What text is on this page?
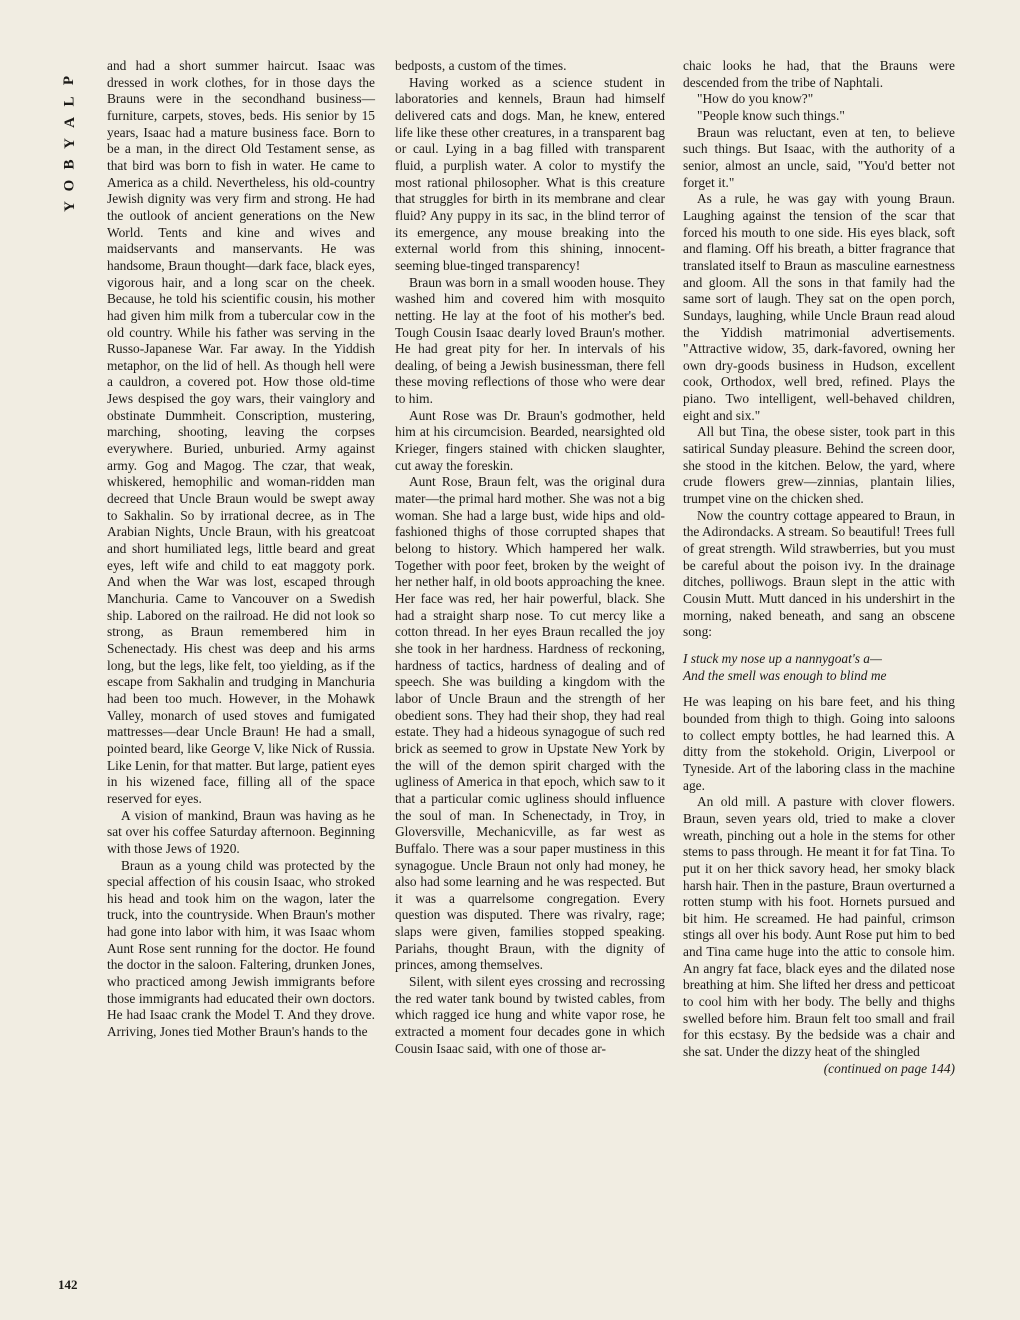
P
L
A
Y
B
O
Y
142

and had a short summer haircut. Isaac was dressed in work clothes, for in those days the Brauns were in the secondhand business—furniture, carpets, stoves, beds. His senior by 15 years, Isaac had a mature business face. Born to be a man, in the direct Old Testament sense, as that bird was born to fish in water. He came to America as a child. Nevertheless, his old-country Jewish dignity was very firm and strong. He had the outlook of ancient generations on the New World. Tents and kine and wives and maidservants and manservants. He was handsome, Braun thought—dark face, black eyes, vigorous hair, and a long scar on the cheek. Because, he told his scientific cousin, his mother had given him milk from a tubercular cow in the old country. While his father was serving in the Russo-Japanese War. Far away. In the Yiddish metaphor, on the lid of hell. As though hell were a cauldron, a covered pot. How those old-time Jews despised the goy wars, their vainglory and obstinate Dummheit. Conscription, mustering, marching, shooting, leaving the corpses everywhere. Buried, unburied. Army against army. Gog and Magog. The czar, that weak, whiskered, hemophilic and woman-ridden man decreed that Uncle Braun would be swept away to Sakhalin. So by irrational decree, as in The Arabian Nights, Uncle Braun, with his greatcoat and short humiliated legs, little beard and great eyes, left wife and child to eat maggoty pork. And when the War was lost, escaped through Manchuria. Came to Vancouver on a Swedish ship. Labored on the railroad. He did not look so strong, as Braun remembered him in Schenectady. His chest was deep and his arms long, but the legs, like felt, too yielding, as if the escape from Sakhalin and trudging in Manchuria had been too much. However, in the Mohawk Valley, monarch of used stoves and fumigated mattresses—dear Uncle Braun! He had a small, pointed beard, like George V, like Nick of Russia. Like Lenin, for that matter. But large, patient eyes in his wizened face, filling all of the space reserved for eyes.

A vision of mankind, Braun was having as he sat over his coffee Saturday afternoon. Beginning with those Jews of 1920.

Braun as a young child was protected by the special affection of his cousin Isaac, who stroked his head and took him on the wagon, later the truck, into the countryside. When Braun's mother had gone into labor with him, it was Isaac whom Aunt Rose sent running for the doctor. He found the doctor in the saloon. Faltering, drunken Jones, who practiced among Jewish immigrants before those immigrants had educated their own doctors. He had Isaac crank the Model T. And they drove. Arriving, Jones tied Mother Braun's hands to the

bedposts, a custom of the times.

Having worked as a science student in laboratories and kennels, Braun had himself delivered cats and dogs. Man, he knew, entered life like these other creatures, in a transparent bag or caul. Lying in a bag filled with transparent fluid, a purplish water. A color to mystify the most rational philosopher. What is this creature that struggles for birth in its membrane and clear fluid? Any puppy in its sac, in the blind terror of its emergence, any mouse breaking into the external world from this shining, innocent-seeming blue-tinged transparency!

Braun was born in a small wooden house. They washed him and covered him with mosquito netting. He lay at the foot of his mother's bed. Tough Cousin Isaac dearly loved Braun's mother. He had great pity for her. In intervals of his dealing, of being a Jewish businessman, there fell these moving reflections of those who were dear to him.

Aunt Rose was Dr. Braun's godmother, held him at his circumcision. Bearded, nearsighted old Krieger, fingers stained with chicken slaughter, cut away the foreskin.

Aunt Rose, Braun felt, was the original dura mater—the primal hard mother. She was not a big woman. She had a large bust, wide hips and old-fashioned thighs of those corrupted shapes that belong to history. Which hampered her walk. Together with poor feet, broken by the weight of her nether half, in old boots approaching the knee. Her face was red, her hair powerful, black. She had a straight sharp nose. To cut mercy like a cotton thread. In her eyes Braun recalled the joy she took in her hardness. Hardness of reckoning, hardness of tactics, hardness of dealing and of speech. She was building a kingdom with the labor of Uncle Braun and the strength of her obedient sons. They had their shop, they had real estate. They had a hideous synagogue of such red brick as seemed to grow in Upstate New York by the will of the demon spirit charged with the ugliness of America in that epoch, which saw to it that a particular comic ugliness should influence the soul of man. In Schenectady, in Troy, in Gloversville, Mechanicville, as far west as Buffalo. There was a sour paper mustiness in this synagogue. Uncle Braun not only had money, he also had some learning and he was respected. But it was a quarrelsome congregation. Every question was disputed. There was rivalry, rage; slaps were given, families stopped speaking. Pariahs, thought Braun, with the dignity of princes, among themselves.

Silent, with silent eyes crossing and recrossing the red water tank bound by twisted cables, from which ragged ice hung and white vapor rose, he extracted a moment four decades gone in which Cousin Isaac said, with one of those ar-

chaic looks he had, that the Brauns were descended from the tribe of Naphtali.

"How do you know?"

"People know such things."

Braun was reluctant, even at ten, to believe such things. But Isaac, with the authority of a senior, almost an uncle, said, "You'd better not forget it."

As a rule, he was gay with young Braun. Laughing against the tension of the scar that forced his mouth to one side. His eyes black, soft and flaming. Off his breath, a bitter fragrance that translated itself to Braun as masculine earnestness and gloom. All the sons in that family had the same sort of laugh. They sat on the open porch, Sundays, laughing, while Uncle Braun read aloud the Yiddish matrimonial advertisements. "Attractive widow, 35, dark-favored, owning her own dry-goods business in Hudson, excellent cook, Orthodox, well bred, refined. Plays the piano. Two intelligent, well-behaved children, eight and six."

All but Tina, the obese sister, took part in this satirical Sunday pleasure. Behind the screen door, she stood in the kitchen. Below, the yard, where crude flowers grew—zinnias, plantain lilies, trumpet vine on the chicken shed.

Now the country cottage appeared to Braun, in the Adirondacks. A stream. So beautiful! Trees full of great strength. Wild strawberries, but you must be careful about the poison ivy. In the drainage ditches, polliwogs. Braun slept in the attic with Cousin Mutt. Mutt danced in his undershirt in the morning, naked beneath, and sang an obscene song:

I stuck my nose up a nannygoat's a—
And the smell was enough to blind me

He was leaping on his bare feet, and his thing bounded from thigh to thigh. Going into saloons to collect empty bottles, he had learned this. A ditty from the stokehold. Origin, Liverpool or Tyneside. Art of the laboring class in the machine age.

An old mill. A pasture with clover flowers. Braun, seven years old, tried to make a clover wreath, pinching out a hole in the stems for other stems to pass through. He meant it for fat Tina. To put it on her thick savory head, her smoky black harsh hair. Then in the pasture, Braun overturned a rotten stump with his foot. Hornets pursued and bit him. He screamed. He had painful, crimson stings all over his body. Aunt Rose put him to bed and Tina came huge into the attic to console him. An angry fat face, black eyes and the dilated nose breathing at him. She lifted her dress and petticoat to cool him with her body. The belly and thighs swelled before him. Braun felt too small and frail for this ecstasy. By the bedside was a chair and she sat. Under the dizzy heat of the shingled

(continued on page 144)
